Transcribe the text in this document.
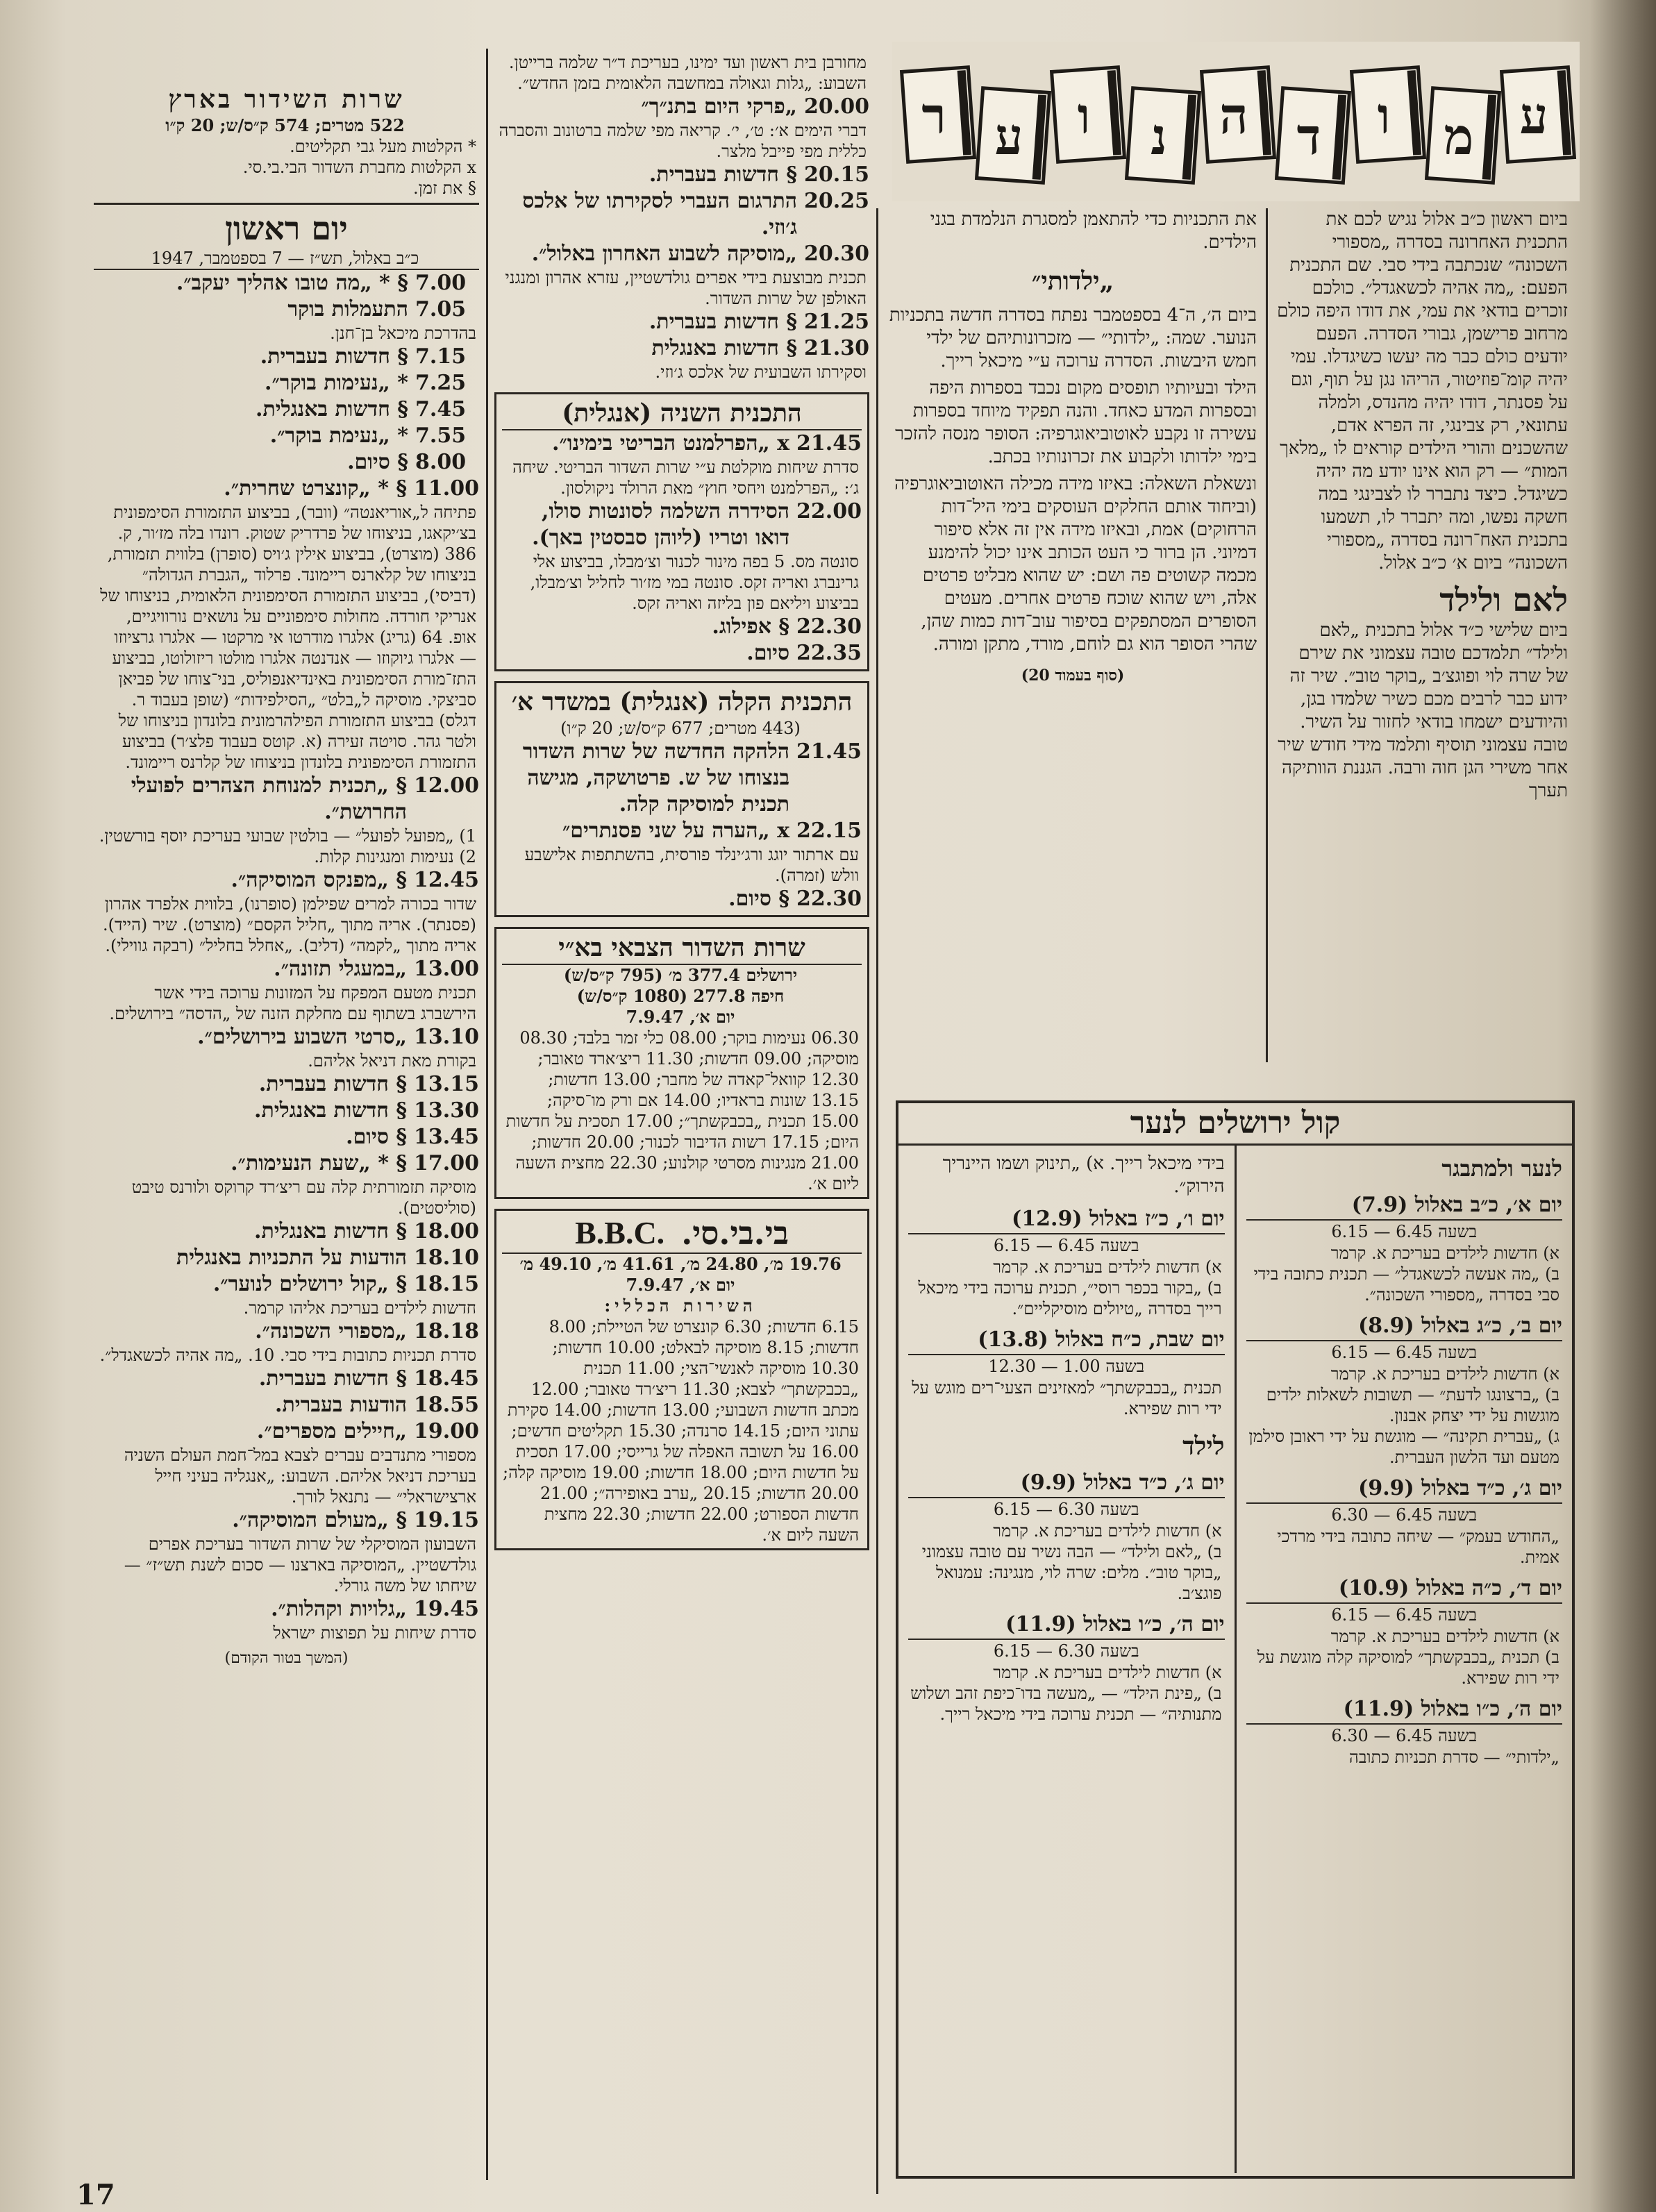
ע
מ
ו
ד
ה
נ
ו
ע
ר

ביום ראשון כ״ב אלול נגיש לכם את התכנית האחרונה בסדרה „מספורי השכונה״ שנכתבה בידי סבי. שם התכנית הפעם: „מה אהיה לכשאגדל״. כולכם זוכרים בודאי את עמי, את דודו היפה כולם מרחוב פרישמן, גבורי הסדרה. הפעם יודעים כולם כבר מה יעשו כשיגדלו. עמי יהיה קומ־פוזיטור, הריהו נגן על תוף, וגם על פסנתר, דודו יהיה מהנדס, ולמלה עתונאי, רק צבינגי, זה הפרא אדם, שהשכנים והורי הילדים קוראים לו „מלאך המות״ — רק הוא אינו יודע מה יהיה כשיגדל. כיצד נתברר לו לצבינגי במה חשקה נפשו, ומה יתברר לו, תשמעו בתכנית האח־רונה בסדרה „מספורי השכונה״ ביום א׳ כ״ב אלול.

לאם ולילד

ביום שלישי כ״ד אלול בתכנית „לאם ולילד״ תלמדכם טובה עצמוני את שירם של שרה לוי ופוגצ׳ב „בוקר טוב״. שיר זה ידוע כבר לרבים מכם כשיר שלמדו בגן, והיודעים ישמחו בודאי לחזור על השיר. טובה עצמוני תוסיף ותלמד מידי חודש שיר אחר משירי הגן חוה ורבה. הגננת הוותיקה תערך

את התכניות כדי להתאמן למסגרת הנלמדת בגני הילדים.

„ילדותי״

ביום ה׳, ה־4 בספטמבר נפתח בסדרה חדשה בתכניות הנוער. שמה: „ילדותי״ — מזכרונותיהם של ילדי חמש היבשות. הסדרה ערוכה ע״י מיכאל רייך.

הילד ובעיותיו תופסים מקום נכבד בספרות היפה ובספרות המדע כאחד. והנה תפקיד מיוחד בספרות עשירה זו נקבע לאוטוביאוגרפיה: הסופר מנסה להזכר בימי ילדותו ולקבוע את זכרונותיו בכתב.

ונשאלת השאלה: באיזו מידה מכילה האוטוביאוגרפיה (וביחוד אותם החלקים העוסקים בימי היל־דות הרחוקים) אמת, ובאיזו מידה אין זה אלא סיפור דמיוני. הן ברור כי העט הכותב אינו יכול להימנע מכמה קשוטים פה ושם: יש שהוא מבליט פרטים אלה, ויש שהוא שוכח פרטים אחרים. מעטים הסופרים המסתפקים בסיפור עוב־דות כמות שהן, שהרי הסופר הוא גם לוחם, מורד, מתקן ומורה.

(סוף בעמוד 20)

קול ירושלים לנער

לנער ולמתבגר

יום א׳, כ״ב באלול (7.9)

בשעה 6.45 — 6.15

א) חדשות לילדים בעריכת א. קרמר

ב) „מה אעשה לכשאגדל״ — תכנית כתובה בידי סבי בסדרה „מספורי השכונה״.

יום ב׳, כ״ג באלול (8.9)

בשעה 6.45 — 6.15

א) חדשות לילדים בעריכת א. קרמר

ב) „ברצונגו לדעת״ — תשובות לשאלות ילדים מוגשות על ידי יצחק אבנון.

ג) „עברית תקינה״ — מוגשת על ידי ראובן סילמן מטעם ועד הלשון העברית.

יום ג׳, כ״ד באלול (9.9)

בשעה 6.45 — 6.30

„החודש בעמק״ — שיחה כתובה בידי מרדכי אמית.

יום ד׳, כ״ה באלול (10.9)

בשעה 6.45 — 6.15

א) חדשות לילדים בעריכת א. קרמר

ב) תכנית „בכבקשתך״ למוסיקה קלה מוגשת על ידי רות שפירא.

יום ה׳, כ״ו באלול (11.9)

בשעה 6.45 — 6.30

„ילדותי״ — סדרת תכניות כתובה

בידי מיכאל רייך. א) „תינוק ושמו היינריך הירוק״.

יום ו׳, כ״ז באלול (12.9)

בשעה 6.45 — 6.15

א) חדשות לילדים בעריכת א. קרמר

ב) „בקור בכפר רוסי״, תכנית ערוכה בידי מיכאל רייך בסדרה „טיולים מוסיקליים״.

יום שבת, כ״ח באלול (13.8)

בשעה 1.00 — 12.30

תכנית „בכבקשתך״ למאזינים הצעי־רים מוגש על ידי רות שפירא.

לילד

יום ג׳, כ״ד באלול (9.9)

בשעה 6.30 — 6.15

א) חדשות לילדים בעריכת א. קרמר

ב) „לאם ולילד״ — הבה נשיר עם טובה עצמוני „בוקר טוב״. מלים: שרה לוי, מנגינה: עמנואל פוגצ׳ב.

יום ה׳, כ״ו באלול (11.9)

בשעה 6.30 — 6.15

א) חדשות לילדים בעריכת א. קרמר

ב) „פינת הילד״ — „מעשה בדו־כיפת זהב ושלוש מתנותיה״ — תכנית ערוכה בידי מיכאל רייך.

מחורבן בית ראשון ועד ימינו, בעריכת ד״ר שלמה ברייטן. השבוע: „גלות וגאולה במחשבה הלאומית בזמן החדש״.

20.00
„פרקי היום בתנ״ך״

דברי הימים א׳: ט׳, י׳. קריאה מפי שלמה ברטונוב והסברה כללית מפי פייבל מלצר.

20.15
§ חדשות בעברית.
20.25
התרגום העברי לסקירתו של אלכס ג׳וזי.
20.30
„מוסיקה לשבוע האחרון באלול״.

תכנית מבוצעת בידי אפרים גולדשטיין, עזרא אהרון ומנגני האולפן של שרות השדור.

21.25
§ חדשות בעברית.
21.30
§ חדשות באנגלית

וסקירתו השבועית של אלכס ג׳וזי.

התכנית השניה (אנגלית)

21.45
x „הפרלמנט הבריטי בימינו״.

סדרת שיחות מוקלטת ע״י שרות השדור הבריטי. שיחה ג׳: „הפרלמנט ויחסי חוץ״ מאת הרולד ניקולסון.

22.00
הסידרה השלמה לסונטות סולו, דואו וטריו (ליוהן סבסטין באך).

סונטה מס. 5 בפה מינור לכנור וצ׳מבלו, בביצוע אלי גרינברג ואריה זקס. סונטה במי מז׳ור לחליל וצ׳מבלו, בביצוע ויליאם פון בליזה ואריה זקס.

22.30
§ אפילוג.
22.35
סיום.

התכנית הקלה (אנגלית) במשדר א׳

(443 מטרים; 677 ק״ס/ש; 20 ק״ו)

21.45
הלהקה החדשה של שרות השדור בנצוחו של ש. פרטושקה, מגישה תכנית למוסיקה קלה.
22.15
x „הערה על שני פסנתרים״

עם ארתור יוגג ורג׳ינלד פורסית, בהשתתפות אלישבע וולש (זמרה).

22.30
§ סיום.

שרות השדור הצבאי בא״י

ירושלים 377.4 מ׳ (795 ק״ס/ש)

חיפה 277.8 (1080 ק״ס/ש)

יום א׳, 7.9.47

06.30 נעימות בוקר; 08.00 כלי זמר בלבד; 08.30 מוסיקה; 09.00 חדשות; 11.30 ריצ׳ארד טאובר; 12.30 קוואל־קאדה של מחבר; 13.00 חדשות; 13.15 שונות בראדיו; 14.00 אם ורק מו־סיקה; 15.00 תכנית „בכבקשתך״; 17.00 תסכית על חדשות היום; 17.15 רשות הדיבור לכנור; 20.00 חדשות; 21.00 מנגינות מסרטי קולנוע; 22.30 מחצית השעה ליום א׳.

בי.בי.סי.
B.B.C.

19.76 מ׳, 24.80 מ׳, 41.61 מ׳, 49.10 מ׳

יום א׳, 7.9.47

השירות הכללי:

6.15 חדשות; 6.30 קונצרט של הטיילת; 8.00 חדשות; 8.15 מוסיקה לבאלט; 10.00 חדשות; 10.30 מוסיקה לאנשי־הצי; 11.00 תכנית „בכבקשתך״ לצבא; 11.30 ריצ׳רד טאובר; 12.00 מכתב חדשות השבועי; 13.00 חדשות; 14.00 סקירת עתוני היום; 14.15 סרנדה; 15.30 תקליטים חדשים; 16.00 על תשובה האפלה של גרייסי; 17.00 תסכית על חדשות היום; 18.00 חדשות; 19.00 מוסיקה קלה; 20.00 חדשות; 20.15 „ערב באופירה״; 21.00 חדשות הספורט; 22.00 חדשות; 22.30 מחצית השעה ליום א׳.

שרות השידור בארץ

522 מטרים; 574 ק״ס/ש; 20 ק״ו

* הקלטות מעל גבי תקליטים.

x הקלטות מחברת השדור הבי.בי.סי.

§ את זמן.

יום ראשון

כ״ב באלול, תש״ז — 7 בספטמבר, 1947

7.00
§ * „מה טובו אהליך יעקב״.
7.05
התעמלות בוקר

בהדרכת מיכאל בן־חנן.

7.15
§ חדשות בעברית.
7.25
* „נעימות בוקר״.
7.45
§ חדשות באנגלית.
7.55
* „נעימת בוקר״.
8.00
§ סיום.
11.00
§ * „קונצרט שחרית״.

פתיחה ל„אוריאנטה״ (וובר), בביצוע התזמורת הסימפונית בצ׳יקאגו, בניצוחו של פרדריק שטוק. רונדו בלה מז׳ור, ק. 386 (מוצרט), בביצוע אילין ג׳ויס (סופרן) בלווית תזמורת, בניצוחו של קלארנס ריימונד. פרלוד „הגברת הגדולה״ (דביסי), בביצוע התזמורת הסימפונית הלאומית, בניצוחו של אנריקי חורדה. מחולות סימפוניים על נושאים נורוויגיים, אופ. 64 (גריג) אלגרו מודרטו אי מרקטו — אלגרו גרציוזו — אלגרו גיוקוזו — אנדנטה אלגרו מולטו ריזולוטו, בביצוע התז־מורת הסימפונית באינדיאנפוליס, בני־צוחו של פביאן סביצקי. מוסיקה ל„בלט״ „הסילפידות״ (שופן בעבוד ר. דגלס) בביצוע התזמורת הפילהרמונית בלונדון בניצוחו של ולטר גהר. סויטה זעירה (א. קוטס בעבוד פלצ׳ר) בביצוע התזמורת הסימפונית בלונדון בניצוחו של קלרנס ריימונד.

12.00
§ „תכנית למנוחת הצהרים לפועלי החרושת״.

1) „מפועל לפועל״ — בולטין שבועי בעריכת יוסף בורשטין. 2) נעימות ומנגינות קלות.

12.45
§ „מפנקס המוסיקה״.

שדור בכורה למרים שפילמן (סופרנו), בלווית אלפרד אהרון (פסנתר). אריה מתוך „חליל הקסם״ (מוצרט). שיר (הייד). אריה מתוך „לקמה״ (דליב). „אחלל בחליל״ (רבקה גווילי).

13.00
„במעגלי תזונה״.

תכנית מטעם המפקח על המזונות ערוכה בידי אשר הירשברג בשתוף עם מחלקת הזנה של „הדסה״ בירושלים.

13.10
„סרטי השבוע בירושלים״.

בקורת מאת דניאל אליהם.

13.15
§ חדשות בעברית.
13.30
§ חדשות באנגלית.
13.45
§ סיום.
17.00
§ * „שעת הנעימות״.

מוסיקה תזמורתית קלה עם ריצ׳רד קרוקס ולורנס טיבט (סוליסטים).

18.00
§ חדשות באנגלית.
18.10
הודעות על התכניות באנגלית
18.15
§ „קול ירושלים לנוער״.

חדשות לילדים בעריכת אליהו קרמר.

18.18
„מספורי השכונה״.

סדרת תכניות כתובות בידי סבי. 10. „מה אהיה לכשאגדל״.

18.45
§ חדשות בעברית.
18.55
הודעות בעברית.
19.00
„חיילים מספרים״.

מספורי מתנדבים עברים לצבא במל־חמת העולם השניה בעריכת דניאל אליהם. השבוע: „אנגליה בעיני חייל ארצישראלי״ — נתנאל לורך.

19.15
§ „מעולם המוסיקה״.

השבועון המוסיקלי של שרות השדור בעריכת אפרים גולדשטיין. „המוסיקה בארצנו — סכום לשנת תש״ז״ — שיחתו של משה גורלי.

19.45
„גלויות וקהלות״.

סדרת שיחות על תפוצות ישראל

(המשך בטור הקודם)

17
